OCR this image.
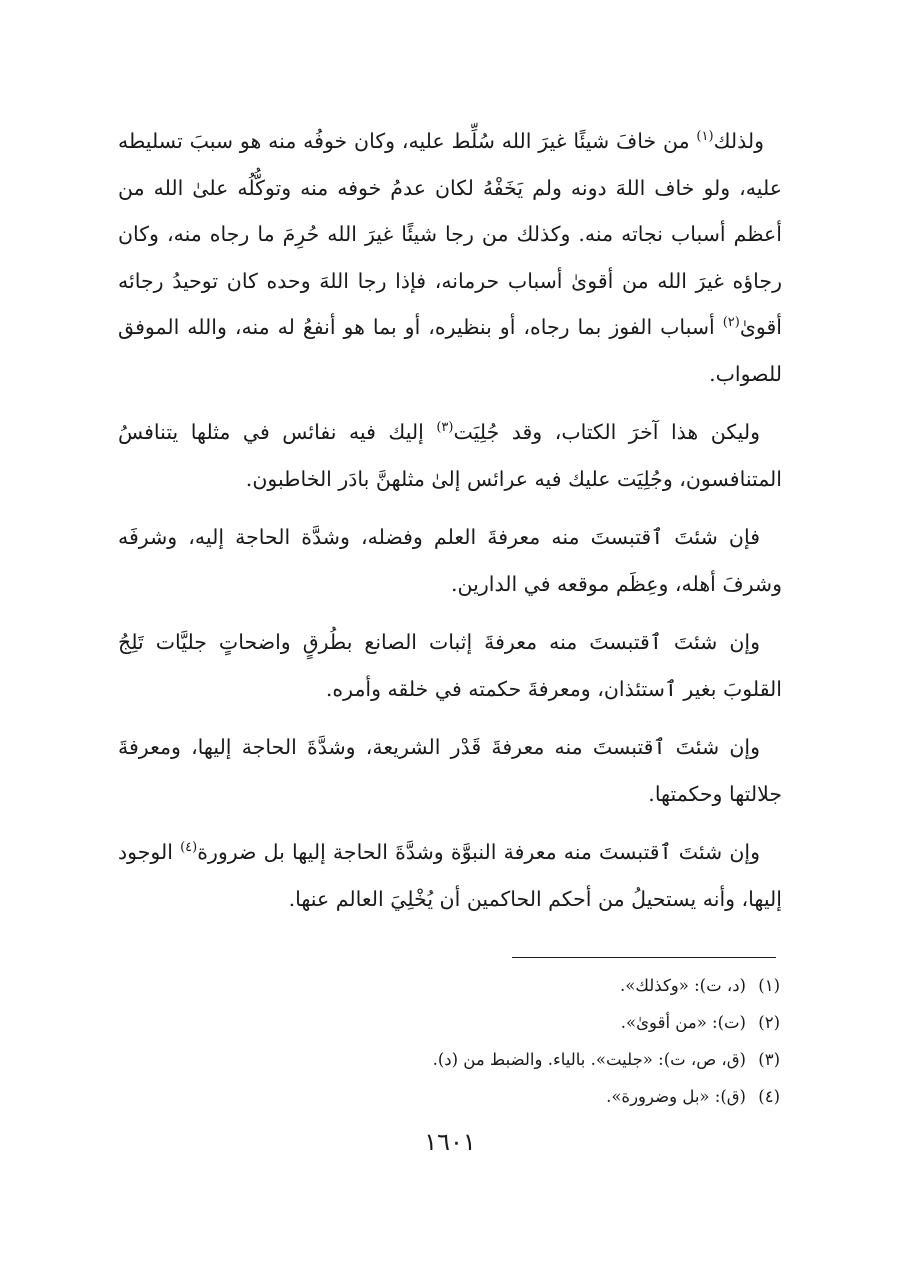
ولذلك$^{(١)}$ من خافَ شيئًا غيرَ الله سُلِّط عليه، وكان خوفُه منه هو سببَ تسليطه عليه، ولو خاف اللهَ دونه ولم يَخَفْهُ لكان عدمُ خوفه منه وتوكُّلُه علىٰ الله من أعظم أسباب نجاته منه. وكذلك من رجا شيئًا غيرَ الله حُرِمَ ما رجاه منه، وكان رجاؤه غيرَ الله من أقوىٰ أسباب حرمانه، فإذا رجا اللهَ وحده كان توحيدُ رجائه أقوىٰ$^{(٢)}$ أسباب الفوز بما رجاه، أو بنظيره، أو بما هو أنفعُ له منه، والله الموفق للصواب.

وليكن هذا آخرَ الكتاب، وقد جُلِيَت$^{(٣)}$ إليك فيه نفائس في مثلها يتنافسُ المتنافسون، وجُلِيَت عليك فيه عرائس إلىٰ مثلهنَّ بادَر الخاطبون.

فإن شئتَ ٱقتبستَ منه معرفةَ العلم وفضله، وشدَّة الحاجة إليه، وشرفَه وشرفَ أهله، وعِظَم موقعه في الدارين.

وإن شئتَ ٱقتبستَ منه معرفةَ إثبات الصانع بطُرقٍ واضحاتٍ جليَّات تَلِجُ القلوبَ بغير ٱستئذان، ومعرفةَ حكمته في خلقه وأمره.

وإن شئتَ ٱقتبستَ منه معرفةَ قَدْر الشريعة، وشدَّةَ الحاجة إليها، ومعرفةَ جلالتها وحكمتها.

وإن شئتَ ٱقتبستَ منه معرفة النبوَّة وشدَّةَ الحاجة إليها بل ضرورة$^{(٤)}$ الوجود إليها، وأنه يستحيلُ من أحكم الحاكمين أن يُخْلِيَ العالم عنها.

(١)(د، ت): «وكذلك».

(٢)(ت): «من أقوىٰ».

(٣)(ق، ص، ت): «جليت». بالياء. والضبط من (د).

(٤)(ق): «بل وضرورة».

١٦٠١
